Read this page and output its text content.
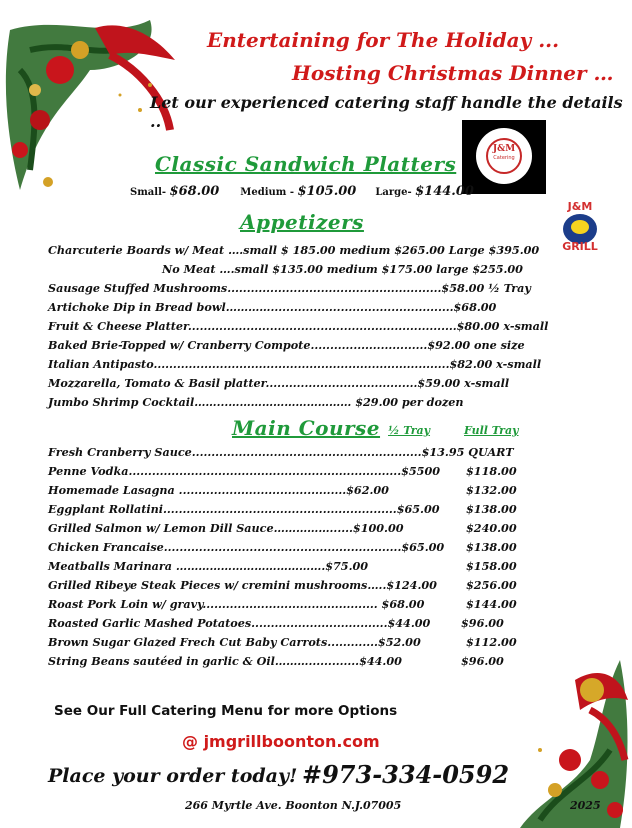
Entertaining for The Holiday ...
Hosting Christmas Dinner …
Let our experienced catering staff handle the details ..
J&M
Catering
J&M
GRILL
Classic Sandwich Platters
Small- $68.00 Medium - $105.00 Large- $144.00
Appetizers
Charcuterie Boards w/ Meat ….small $ 185.00 medium $265.00 Large $395.00
No Meat ….small $135.00 medium $175.00 large $255.00
Sausage Stuffed Mushrooms.......................................................$58.00 ½ Tray
Artichoke Dip in Bread bowl…………...............................................$68.00
Fruit & Cheese Platter.....................................................................$80.00 x-small
Baked Brie-Topped w/ Cranberry Compote..............................$92.00 one size
Italian Antipasto............................................................................$82.00 x-small
Mozzarella, Tomato & Basil platter.......................................$59.00 x-small
Jumbo Shrimp Cocktail……...…………………………… $29.00 per dozen
Main Course ½ Tray	Full Tray
Fresh Cranberry Sauce...........................................................$13.95 QUART
Penne Vodka......................................................................$5500 $118.00
Homemade Lasagna ...........................................$62.00	$132.00
Eggplant Rollatini............................................................$65.00 $138.00
Grilled Salmon w/ Lemon Dill Sauce……………......$100.00	$240.00
Chicken Francaise.............................................................$65.00 $138.00
Meatballs Marinara ………………………………….$75.00	$158.00
Grilled Ribeye Steak Pieces w/ cremini mushrooms…..$124.00	$256.00
Roast Pork Loin w/ gravy............................................. $68.00	$144.00
Roasted Garlic Mashed Potatoes...................................$44.00	$96.00
Brown Sugar Glazed Frech Cut Baby Carrots.............$52.00	$112.00
String Beans sautéed in garlic & Oil……….............$44.00	$96.00
See Our Full Catering Menu for more Options
@ jmgrillboonton.com
Place your order today! #973-334-0592
266 Myrtle Ave. Boonton N.J.07005	2025
